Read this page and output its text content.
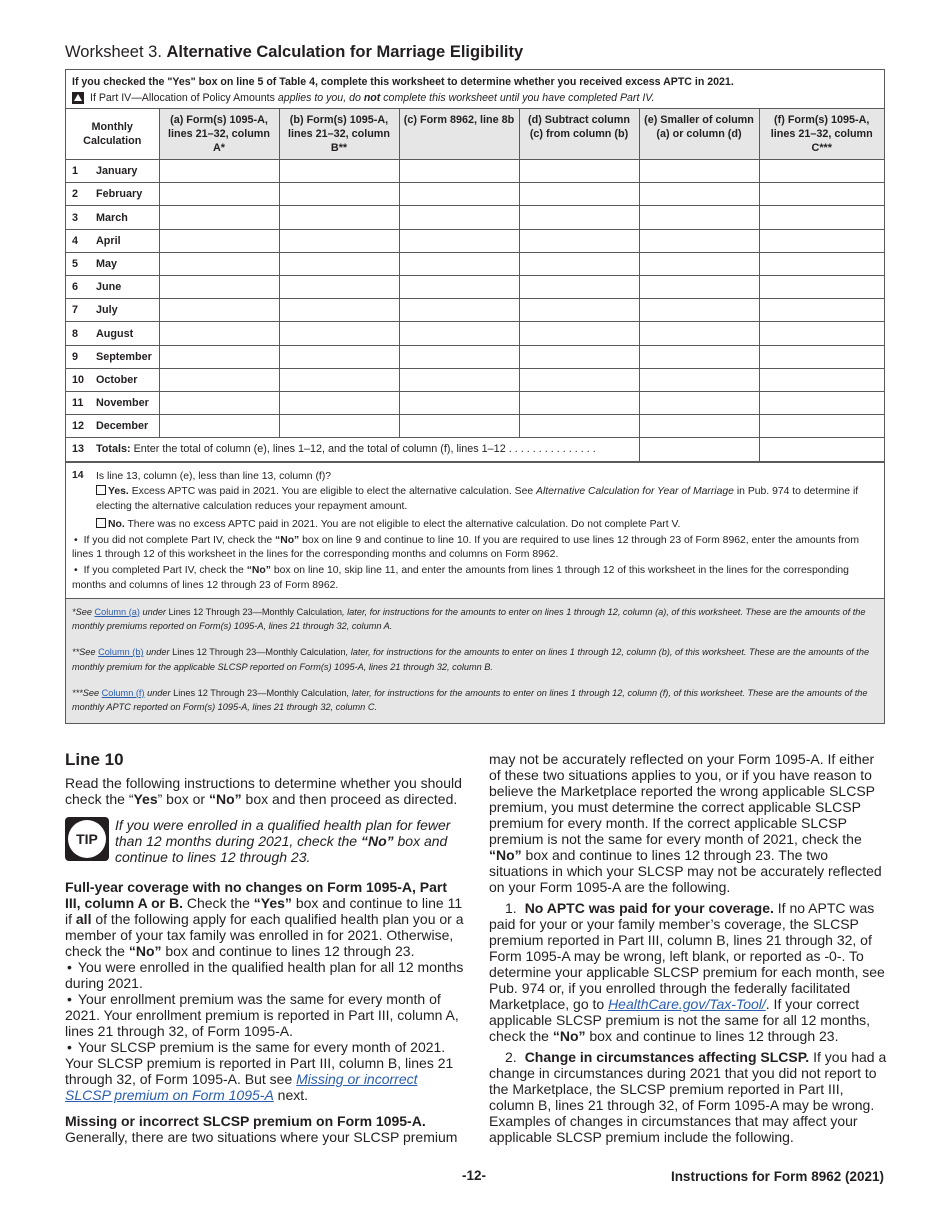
Worksheet 3. Alternative Calculation for Marriage Eligibility
If you checked the "Yes" box on line 5 of Table 4, complete this worksheet to determine whether you received excess APTC in 2021.
If Part IV—Allocation of Policy Amounts applies to you, do not complete this worksheet until you have completed Part IV.
Monthly Calculation	(a) Form(s) 1095-A, lines 21–32, column A*	(b) Form(s) 1095-A, lines 21–32, column B**	(c) Form 8962, line 8b	(d) Subtract column (c) from column (b)	(e) Smaller of column (a) or column (d)	(f) Form(s) 1095-A, lines 21–32, column C***
1 January						
2 February						
3 March						
4 April						
5 May						
6 June						
7 July						
8 August						
9 September						
10 October						
11 November						
12 December						
13 Totals: Enter the total of column (e), lines 1–12, and the total of column (f), lines 1–12 . . . . . . . . . . . . . . .						
14 Is line 13, column (e), less than line 13, column (f)?

Yes. Excess APTC was paid in 2021. You are eligible to elect the alternative calculation. See Alternative Calculation for Year of Marriage in Pub. 974 to determine if electing the alternative calculation reduces your repayment amount.

No. There was no excess APTC paid in 2021. You are not eligible to elect the alternative calculation. Do not complete Part V.

• If you did not complete Part IV, check the “No” box on line 9 and continue to line 10. If you are required to use lines 12 through 23 of Form 8962, enter the amounts from lines 1 through 12 of this worksheet in the lines for the corresponding months and columns on Form 8962.

• If you completed Part IV, check the “No” box on line 10, skip line 11, and enter the amounts from lines 1 through 12 of this worksheet in the lines for the corresponding months and columns of lines 12 through 23 of Form 8962.

*See Column (a) under Lines 12 Through 23—Monthly Calculation, later, for instructions for the amounts to enter on lines 1 through 12, column (a), of this worksheet. These are the amounts of the monthly premiums reported on Form(s) 1095-A, lines 21 through 32, column A.

**See Column (b) under Lines 12 Through 23—Monthly Calculation, later, for instructions for the amounts to enter on lines 1 through 12, column (b), of this worksheet. These are the amounts of the monthly premium for the applicable SLCSP reported on Form(s) 1095-A, lines 21 through 32, column B.

***See Column (f) under Lines 12 Through 23—Monthly Calculation, later, for instructions for the amounts to enter on lines 1 through 12, column (f), of this worksheet. These are the amounts of the monthly APTC reported on Form(s) 1095-A, lines 21 through 32, column C.

Line 10

Read the following instructions to determine whether you should check the “Yes” box or “No” box and then proceed as directed.

TIP

If you were enrolled in a qualified health plan for fewer than 12 months during 2021, check the “No” box and continue to lines 12 through 23.

Full-year coverage with no changes on Form 1095-A, Part III, column A or B. Check the “Yes” box and continue to line 11 if all of the following apply for each qualified health plan you or a member of your tax family was enrolled in for 2021. Otherwise, check the “No” box and continue to lines 12 through 23.

• You were enrolled in the qualified health plan for all 12 months during 2021.

• Your enrollment premium was the same for every month of 2021. Your enrollment premium is reported in Part III, column A, lines 21 through 32, of Form 1095-A.

• Your SLCSP premium is the same for every month of 2021. Your SLCSP premium is reported in Part III, column B, lines 21 through 32, of Form 1095-A. But see Missing or incorrect SLCSP premium on Form 1095-A next.

Missing or incorrect SLCSP premium on Form 1095-A.
Generally, there are two situations where your SLCSP premium

may not be accurately reflected on your Form 1095-A. If either of these two situations applies to you, or if you have reason to believe the Marketplace reported the wrong applicable SLCSP premium, you must determine the correct applicable SLCSP premium for every month. If the correct applicable SLCSP premium is not the same for every month of 2021, check the “No” box and continue to lines 12 through 23. The two situations in which your SLCSP may not be accurately reflected on your Form 1095-A are the following.

1. No APTC was paid for your coverage. If no APTC was paid for your or your family member’s coverage, the SLCSP premium reported in Part III, column B, lines 21 through 32, of Form 1095-A may be wrong, left blank, or reported as -0-. To determine your applicable SLCSP premium for each month, see Pub. 974 or, if you enrolled through the federally facilitated Marketplace, go to HealthCare.gov/Tax-Tool/. If your correct applicable SLCSP premium is not the same for all 12 months, check the “No” box and continue to lines 12 through 23.

2. Change in circumstances affecting SLCSP. If you had a change in circumstances during 2021 that you did not report to the Marketplace, the SLCSP premium reported in Part III, column B, lines 21 through 32, of Form 1095-A may be wrong. Examples of changes in circumstances that may affect your applicable SLCSP premium include the following.

-12-	Instructions for Form 8962 (2021)
